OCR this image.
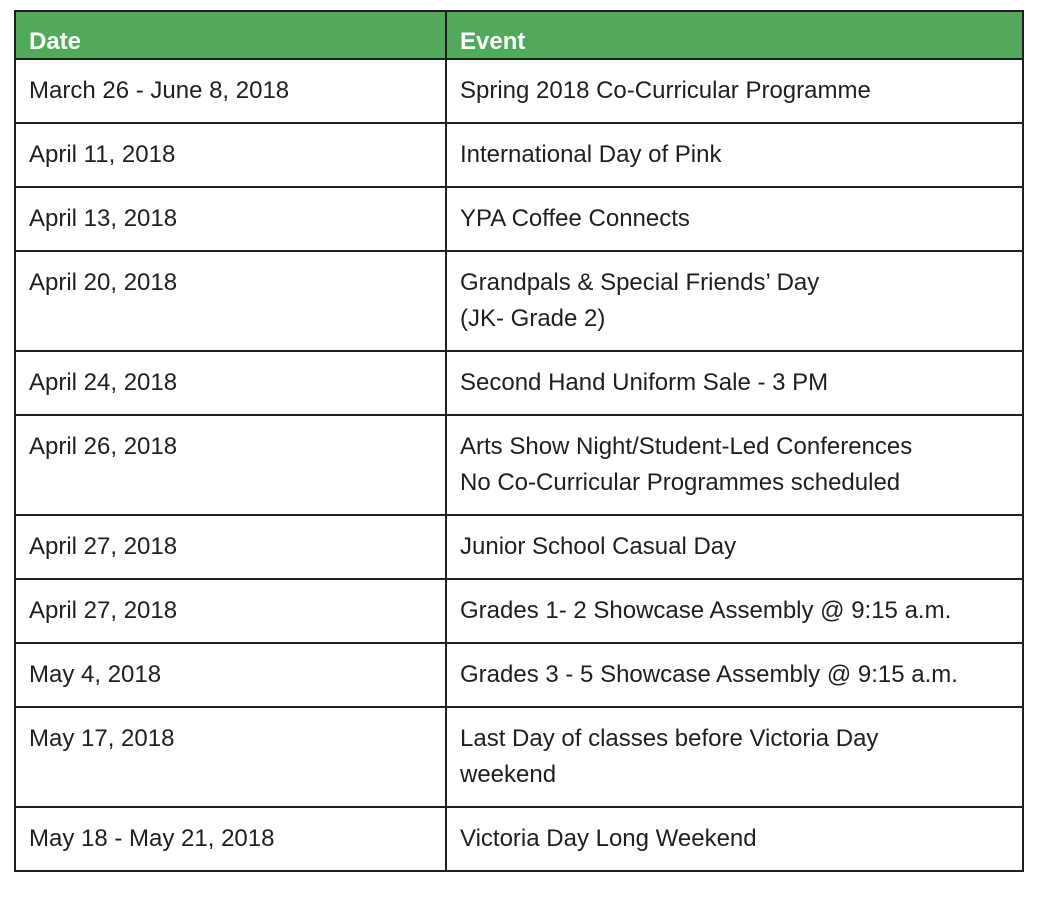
Date	Event
March 26 - June 8, 2018	Spring 2018 Co-Curricular Programme

April 11, 2018	International Day of Pink

April 13, 2018	YPA Coffee Connects

April 20, 2018	Grandpals & Special Friends’ Day
(JK- Grade 2)

April 24, 2018	Second Hand Uniform Sale - 3 PM

April 26, 2018	Arts Show Night/Student-Led Conferences
No Co-Curricular Programmes scheduled

April 27, 2018	Junior School Casual Day

April 27, 2018	Grades 1- 2 Showcase Assembly @ 9:15 a.m.

May 4, 2018	Grades 3 - 5 Showcase Assembly @ 9:15 a.m.

May 17, 2018	Last Day of classes before Victoria Day
weekend

May 18 - May 21, 2018	Victoria Day Long Weekend
